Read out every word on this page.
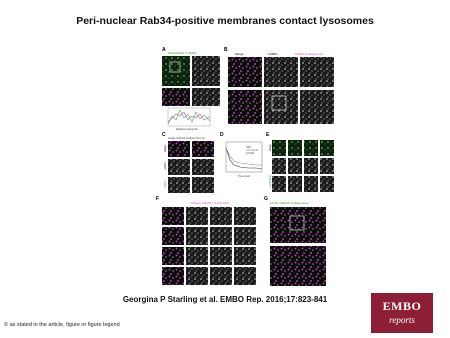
Peri-nuclear Rab34-positive membranes contact lysosomes
A GFP-Rab34 / LAMP1
Distance along line
B
Merge	LAMP1	Rab34 (endogenous)
C
single confocal sections from A)
Merge
LAMP1
Rab34
D
GFP
GFP-Rab34
p<0.001
Time (sec)
E
Merge
LysoTracker
F
mCherry-Rab34 / FLCN-GFP
G
FLCN / Rab34 (endogenous)
Georgina P Starling et al. EMBO Rep. 2016;17:823-841	EMBO
reports
© as stated in the article, figure or figure legend
